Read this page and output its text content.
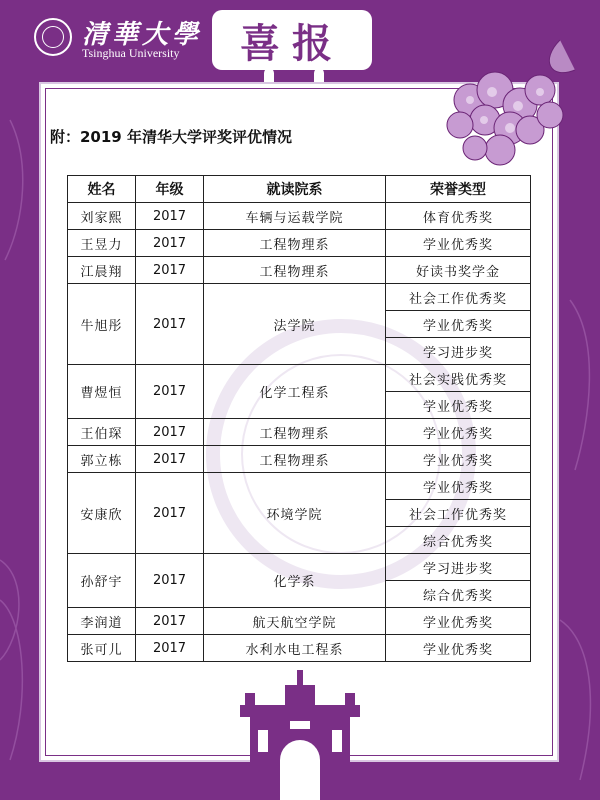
清華大學
Tsinghua University 喜报
附：2019 年清华大学评奖评优情况
姓名	年级	就读院系	荣誉类型
刘家熙	2017	车辆与运载学院	体育优秀奖
王昱力	2017	工程物理系	学业优秀奖
江晨翔	2017	工程物理系	好读书奖学金
牛旭彤	2017	法学院	社会工作优秀奖
			学业优秀奖
			学习进步奖
曹煜恒	2017	化学工程系	社会实践优秀奖
			学业优秀奖
王伯琛	2017	工程物理系	学业优秀奖
郭立栋	2017	工程物理系	学业优秀奖
安康欣	2017	环境学院	学业优秀奖
			社会工作优秀奖
			综合优秀奖
孙舒宇	2017	化学系	学习进步奖
			综合优秀奖
李润道	2017	航天航空学院	学业优秀奖
张可儿	2017	水利水电工程系	学业优秀奖
